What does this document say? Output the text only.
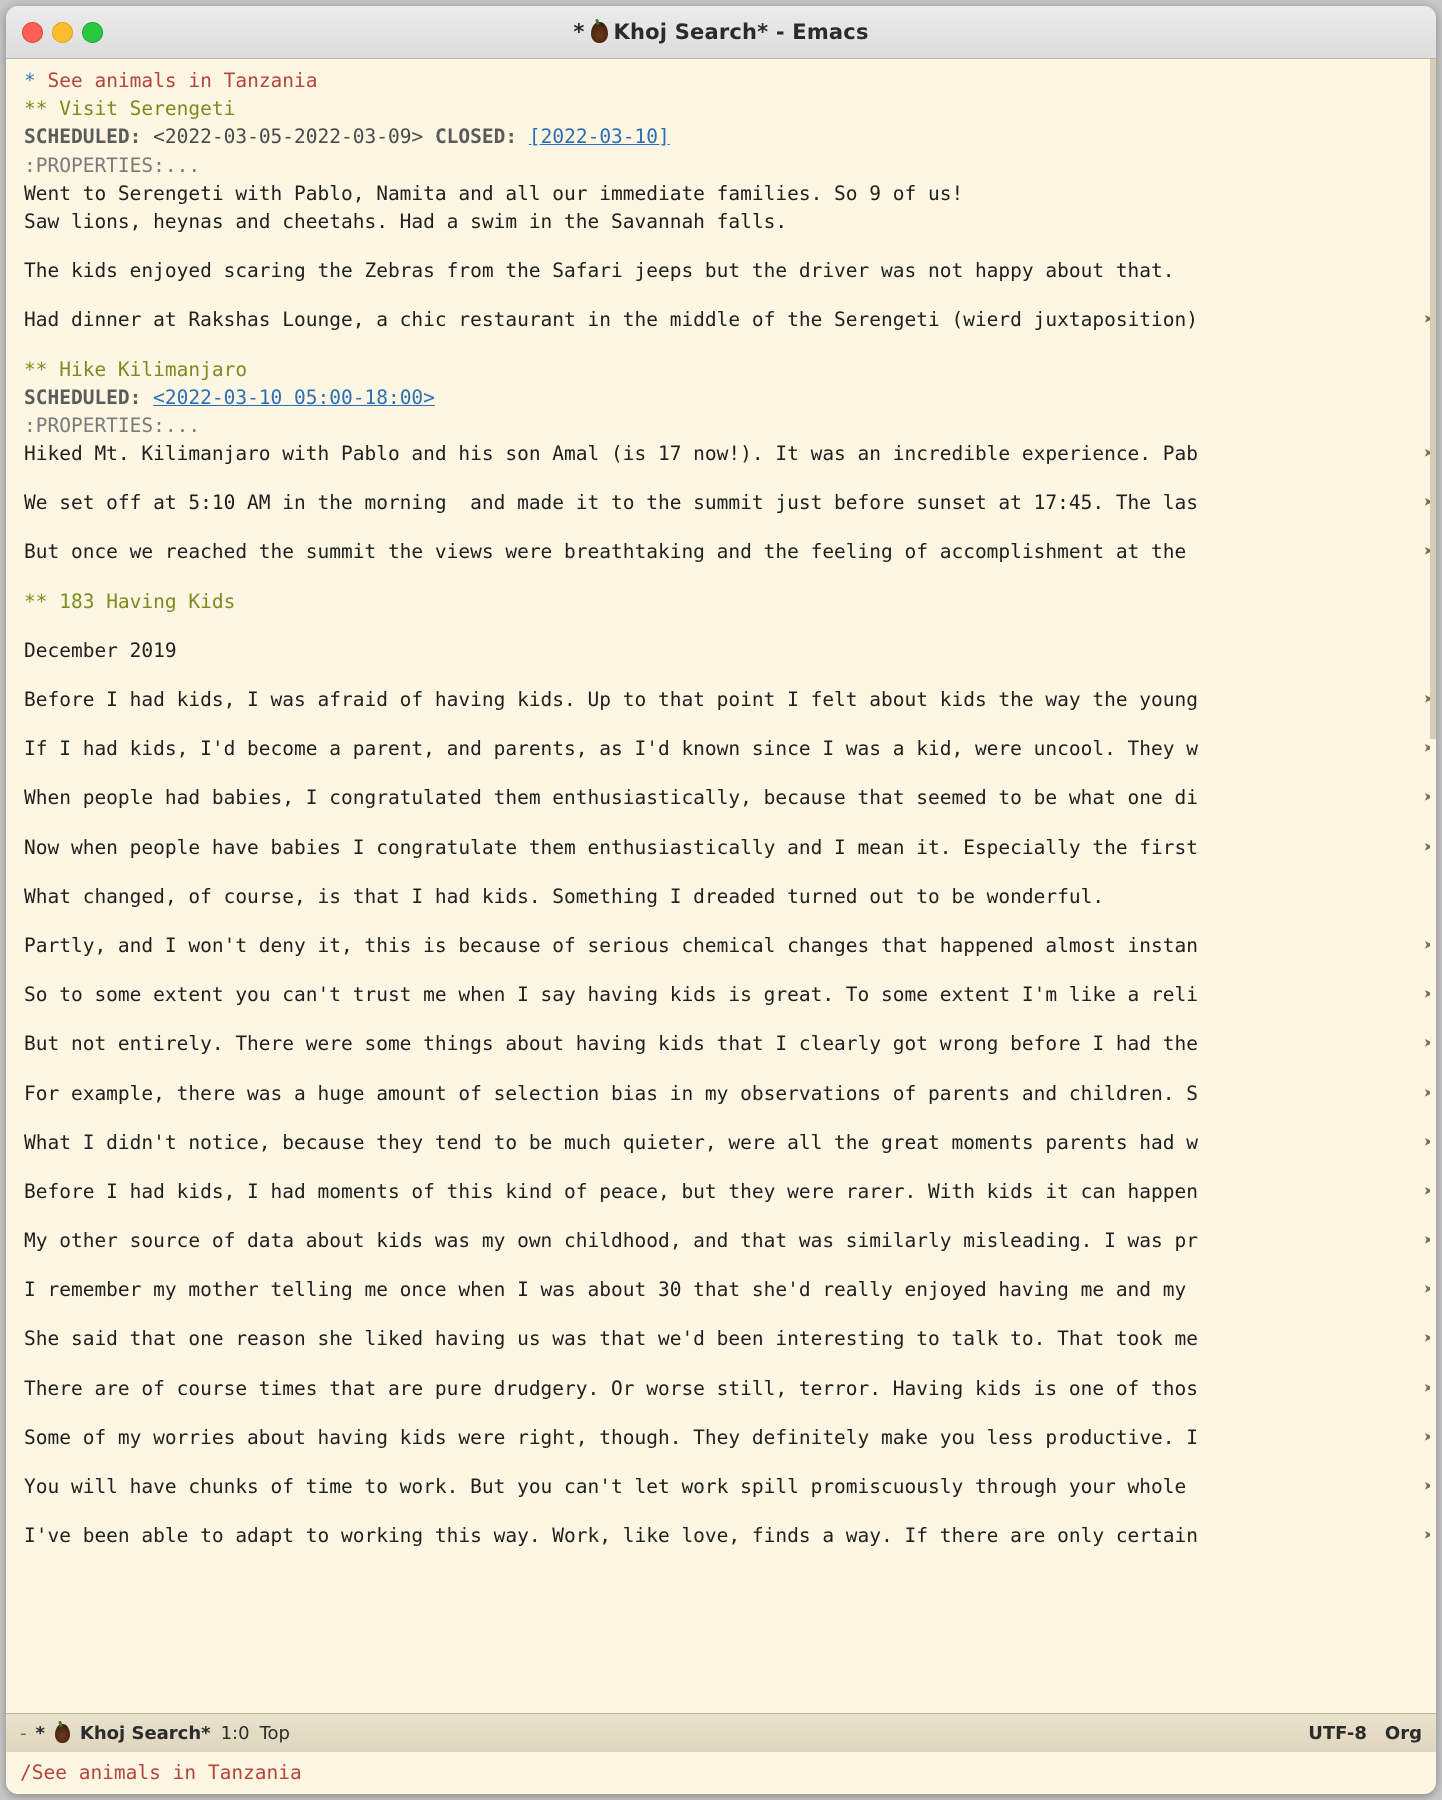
* Khoj Search* - Emacs
* See animals in Tanzania
** Visit Serengeti
SCHEDULED: <2022-03-05-2022-03-09> CLOSED: [2022-03-10]
:PROPERTIES:...
Went to Serengeti with Pablo, Namita and all our immediate families. So 9 of us!
Saw lions, heynas and cheetahs. Had a swim in the Savannah falls.
The kids enjoyed scaring the Zebras from the Safari jeeps but the driver was not happy about that.
Had dinner at Rakshas Lounge, a chic restaurant in the middle of the Serengeti (wierd juxtaposition) ➤
** Hike Kilimanjaro
SCHEDULED: <2022-03-10 05:00-18:00>
:PROPERTIES:...
Hiked Mt. Kilimanjaro with Pablo and his son Amal (is 17 now!). It was an incredible experience. Pab ➤
We set off at 5:10 AM in the morning  and made it to the summit just before sunset at 17:45. The las ➤
But once we reached the summit the views were breathtaking and the feeling of accomplishment at the  ➤
** 183 Having Kids
December 2019
Before I had kids, I was afraid of having kids. Up to that point I felt about kids the way the young ➤
If I had kids, I'd become a parent, and parents, as I'd known since I was a kid, were uncool. They w ➤
When people had babies, I congratulated them enthusiastically, because that seemed to be what one di ➤
Now when people have babies I congratulate them enthusiastically and I mean it. Especially the first ➤
What changed, of course, is that I had kids. Something I dreaded turned out to be wonderful.
Partly, and I won't deny it, this is because of serious chemical changes that happened almost instan ➤
So to some extent you can't trust me when I say having kids is great. To some extent I'm like a reli ➤
But not entirely. There were some things about having kids that I clearly got wrong before I had the ➤
For example, there was a huge amount of selection bias in my observations of parents and children. S ➤
What I didn't notice, because they tend to be much quieter, were all the great moments parents had w ➤
Before I had kids, I had moments of this kind of peace, but they were rarer. With kids it can happen ➤
My other source of data about kids was my own childhood, and that was similarly misleading. I was pr ➤
I remember my mother telling me once when I was about 30 that she'd really enjoyed having me and my  ➤
She said that one reason she liked having us was that we'd been interesting to talk to. That took me ➤
There are of course times that are pure drudgery. Or worse still, terror. Having kids is one of thos ➤
Some of my worries about having kids were right, though. They definitely make you less productive. I ➤
You will have chunks of time to work. But you can't let work spill promiscuously through your whole  ➤
I've been able to adapt to working this way. Work, like love, finds a way. If there are only certain ➤
- * Khoj Search* 1:0 Top	UTF-8 Org
/See animals in Tanzania
